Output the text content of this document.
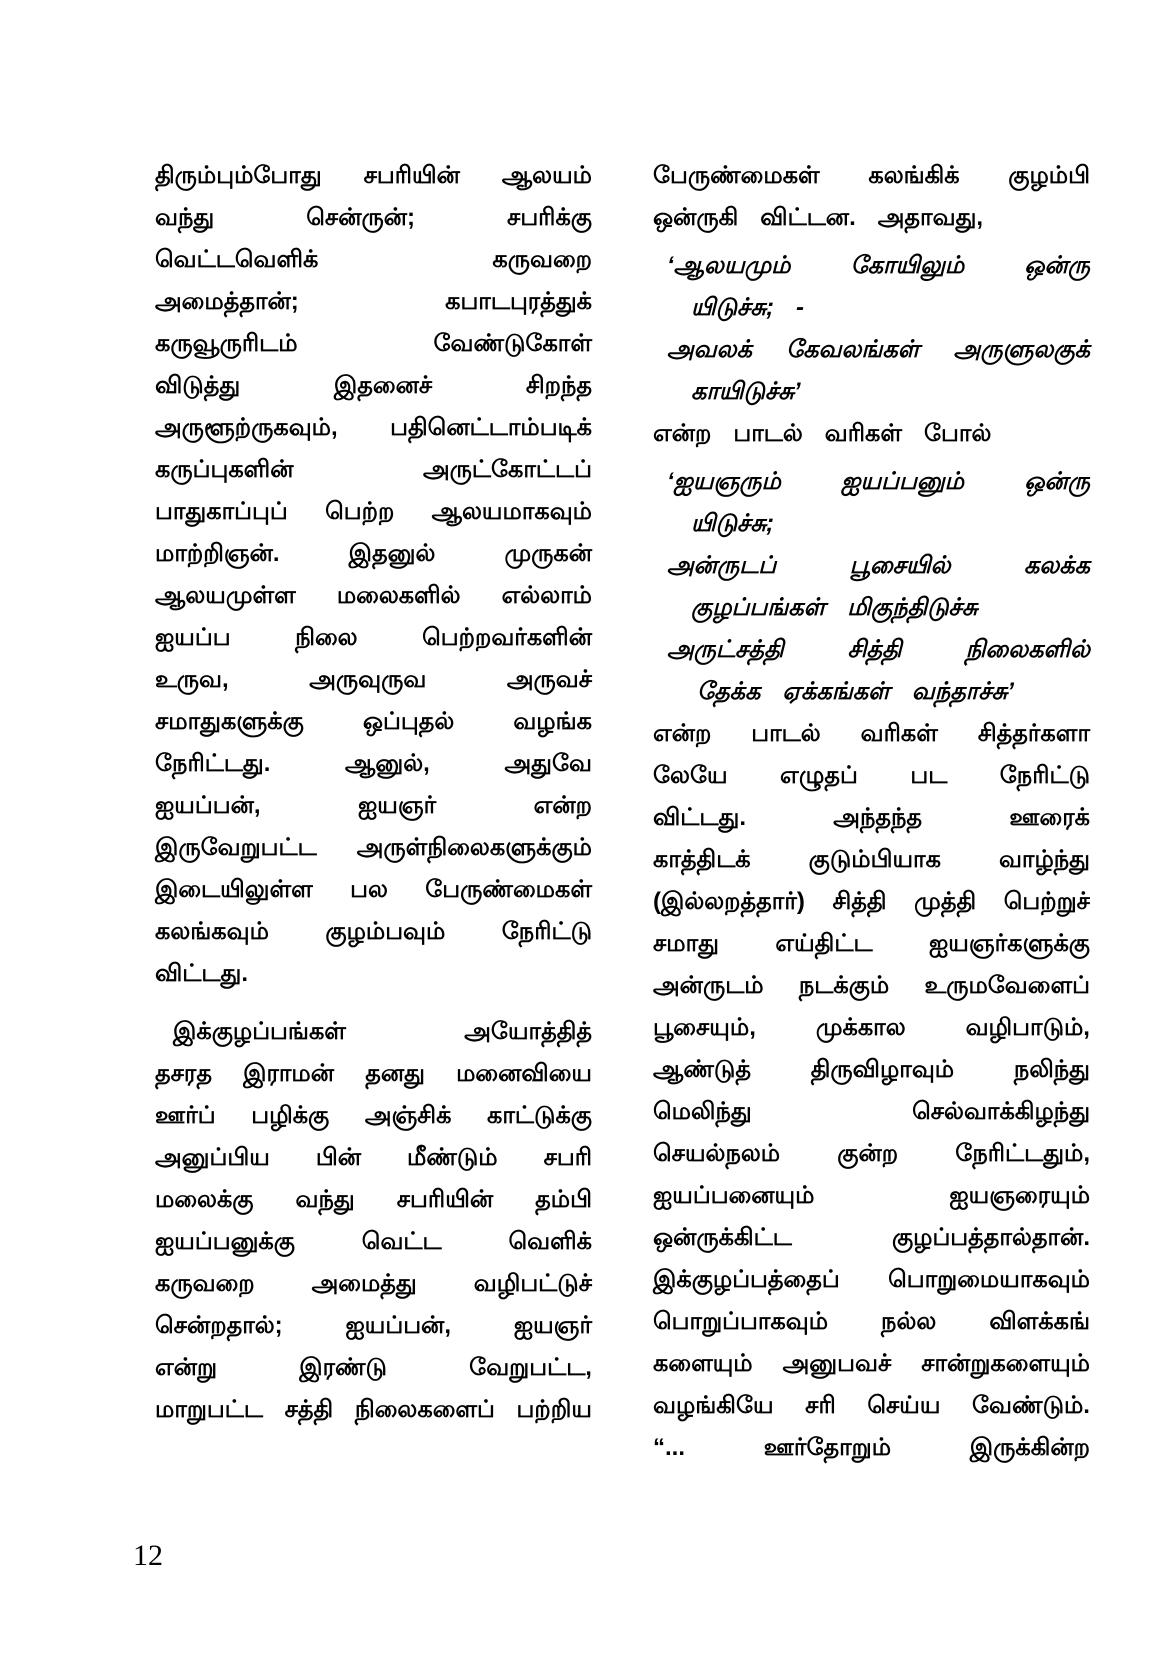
திரும்பும்போது சபரியின் ஆலயம்
வந்து	சென்ருன்;	சபரிக்கு
வெட்டவெளிக்	கருவறை
அமைத்தான்;	கபாடபுரத்துக்
கருவூருரிடம்	வேண்டுகோள்
விடுத்து	இதனைச்	சிறந்த
அருளூற்ருகவும், பதினெட்டாம்படிக்
கருப்புகளின்	அருட்கோட்டப்
பாதுகாப்புப் பெற்ற ஆலயமாகவும்
மாற்றிஞன்.	இதனுல்	முருகன்
ஆலயமுள்ள மலைகளில் எல்லாம்
ஐயப்ப	நிலை	பெற்றவர்களின்
உருவ,	அருவுருவ	அருவச்
சமாதுகளுக்கு ஒப்புதல் வழங்க
நேரிட்டது.	ஆனுல்,	அதுவே
ஐயப்பன்,	ஐயஞர்	என்ற
இருவேறுபட்ட அருள்நிலைகளுக்கும்
இடையிலுள்ள பல பேருண்மைகள்
கலங்கவும் குழம்பவும் நேரிட்டு
விட்டது.
இக்குழப்பங்கள்	அயோத்தித்
தசரத இராமன் தனது மனைவியை
ஊர்ப் பழிக்கு அஞ்சிக் காட்டுக்கு
அனுப்பிய பின் மீண்டும் சபரி
மலைக்கு வந்து சபரியின் தம்பி
ஐயப்பனுக்கு	வெட்ட	வெளிக்
கருவறை அமைத்து வழிபட்டுச்
சென்றதால்;	ஐயப்பன்,	ஐயஞர்
என்று	இரண்டு	வேறுபட்ட,
மாறுபட்ட சத்தி நிலைகளைப் பற்றிய
பேருண்மைகள் கலங்கிக் குழம்பி
ஒன்ருகி விட்டன. அதாவது,
‘ஆலயமும்	கோயிலும்	ஒன்ரு
யிடுச்சு; -
அவலக் கேவலங்கள் அருளுலகுக்
காயிடுச்சு’
என்ற பாடல் வரிகள் போல்
‘ஐயஞரும்	ஐயப்பனும்	ஒன்ரு
யிடுச்சு;
அன்ருடப்	பூசையில்	கலக்க
குழப்பங்கள் மிகுந்திடுச்சு
அருட்சத்தி	சித்தி	நிலைகளில்
தேக்க ஏக்கங்கள் வந்தாச்சு’
என்ற பாடல் வரிகள் சித்தர்களா
லேயே எழுதப் பட நேரிட்டு
விட்டது.	அந்தந்த	ஊரைக்
காத்திடக் குடும்பியாக வாழ்ந்து
(இல்லறத்தார்) சித்தி முத்தி பெற்றுச்
சமாது எய்திட்ட ஐயஞர்களுக்கு
அன்ருடம் நடக்கும் உருமவேளைப்
பூசையும், முக்கால வழிபாடும்,
ஆண்டுத் திருவிழாவும் நலிந்து
மெலிந்து	செல்வாக்கிழந்து
செயல்நலம் குன்ற நேரிட்டதும்,
ஐயப்பனையும்	ஐயஞரையும்
ஒன்ருக்கிட்ட	குழப்பத்தால்தான்.
இக்குழப்பத்தைப் பொறுமையாகவும்
பொறுப்பாகவும் நல்ல விளக்கங்
களையும் அனுபவச் சான்றுகளையும்
வழங்கியே சரி செய்ய வேண்டும்.
“...	ஊர்தோறும்	இருக்கின்ற
12
